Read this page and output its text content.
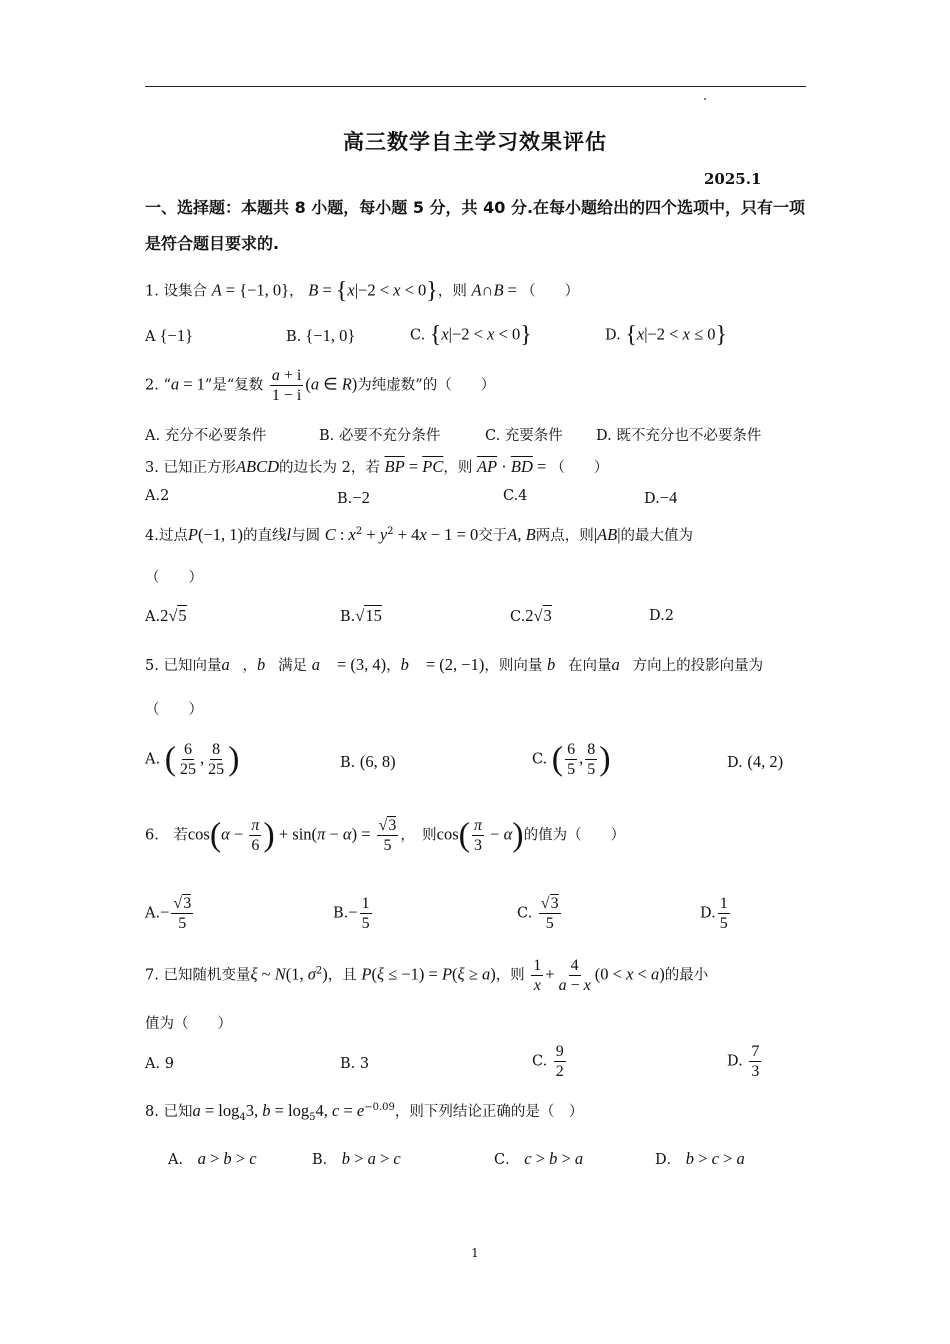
高三数学自主学习效果评估
2025.1
一、选择题：本题共 8 小题，每小题 5 分，共 40 分.在每小题给出的四个选项中，只有一项是符合题目要求的.
1. 设集合 A = {−1, 0}， B = {x|−2 < x < 0}，则 A∩B = （　　）
A {−1}	B. {−1, 0}	C. {x|−2 < x < 0}	D. {x|−2 < x ≤ 0}
2. “a = 1”是“复数 $\frac{a + i}{1 - i} (a$ ∈ R)为纯虚数”的（　　）
A. 充分不必要条件	B. 必要不充分条件	C. 充要条件 D. 既不充分也不必要条件
3. 已知正方形ABCD的边长为 2，若 $\overline{BP} = \overline{PC}$，则 $\overline{AP} \cdot \overline{BD}$ = （　　）
A.2	B.−2	C.4	D.−4
4.过点P(−1, 1)的直线l与圆 C : $x^2 + y^2 + 4x - 1 = 0$交于A, B两点，则|AB|的最大值为
（　　）
A.2√5	B.√15	C.2√3	D.2
5. 已知向量a⃗，b⃗满足 a⃗ = (3, 4)，b⃗ = (2, −1)，则向量 b⃗在向量a⃗方向上的投影向量为
（　　）
A. ( $\frac{6}{25}$ , $\frac{8}{25}$ )	B. (6, 8)	C. ( $\frac{6}{5}$ , $\frac{8}{5}$ )	D. (4, 2)
6.　若$\cos(\alpha - \frac{\pi}{6}$ ) + $\sin(\pi - \alpha) = \frac{√3}{5}$ ，　则$\cos( \frac{\pi}{3} - \alpha)$的值为（　　）
$A.- \frac{√3}{5}$	$B.- \frac{1}{5}$	C. $\frac{√3}{5}$	D. $\frac{1}{5}$
7. 已知随机变量ξ ~ N(1, $\sigma^2$)，且 P(ξ ≤ −1) = P(ξ ≥ a)，则 $\frac{1}{x} + \frac{4}{a - x} (0 < x < a)$的最小
值为（　　）
A. 9	B. 3	C. $\frac{9}{2}$	D. $\frac{7}{3}$
8. 已知$a = \log_43$, $b = \log_54$, $c = e^{-0.09}$，则下列结论正确的是（　）
A． a > b > c	B． b > a > c	C． c > b > a	D． b > c > a
1
